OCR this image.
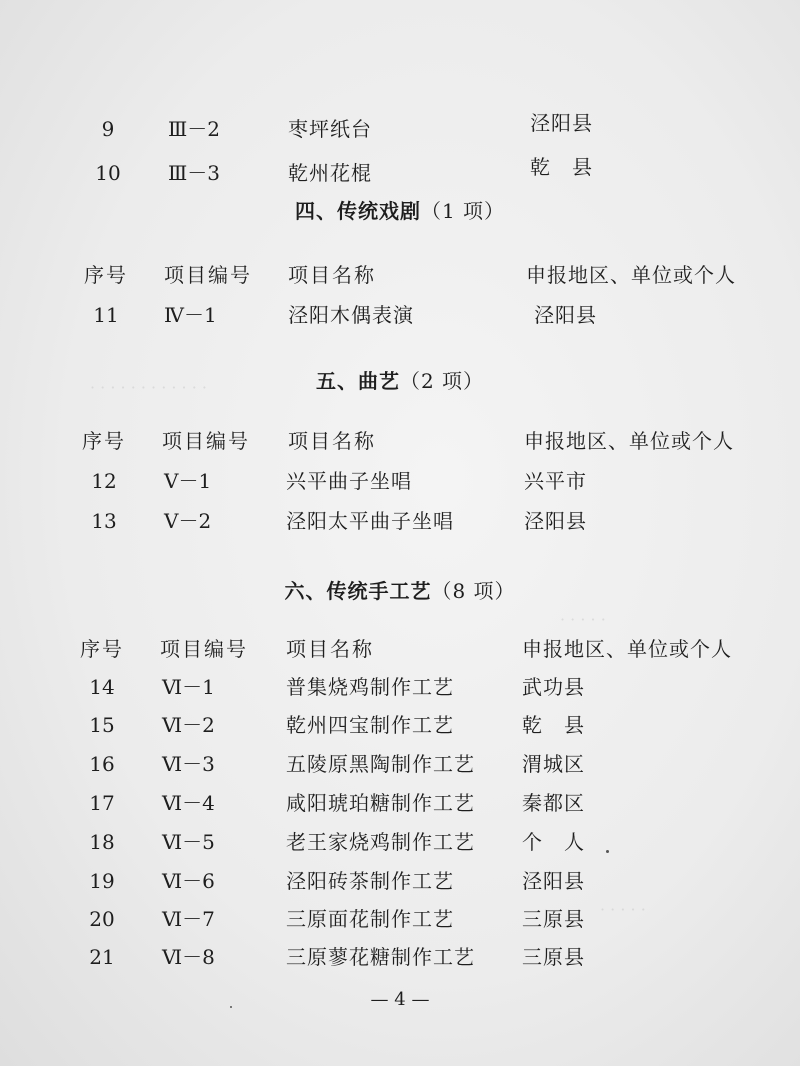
· · · · · · · · · · · ·
· · · · ·
· · · · ·
9	Ⅲ－2	枣坪纸台	泾阳县
10	Ⅲ－3	乾州花棍	乾　县
四、传统戏剧（1 项）
序号 项目编号 项目名称	申报地区、单位或个人
11	Ⅳ－1	泾阳木偶表演	泾阳县
五、曲艺（2 项）
序号 项目编号 项目名称	申报地区、单位或个人
12	Ⅴ－1	兴平曲子坐唱	兴平市
13	Ⅴ－2	泾阳太平曲子坐唱	泾阳县
六、传统手工艺（8 项）
序号 项目编号 项目名称	申报地区、单位或个人
14	Ⅵ－1	普集烧鸡制作工艺	武功县
15	Ⅵ－2	乾州四宝制作工艺	乾　县
16	Ⅵ－3	五陵原黑陶制作工艺 渭城区
17	Ⅵ－4	咸阳琥珀糖制作工艺 秦都区
18	Ⅵ－5	老王家烧鸡制作工艺 个　人
19	Ⅵ－6	泾阳砖茶制作工艺	泾阳县
20	Ⅵ－7	三原面花制作工艺	三原县
21	Ⅵ－8	三原蓼花糖制作工艺 三原县
— 4 —
